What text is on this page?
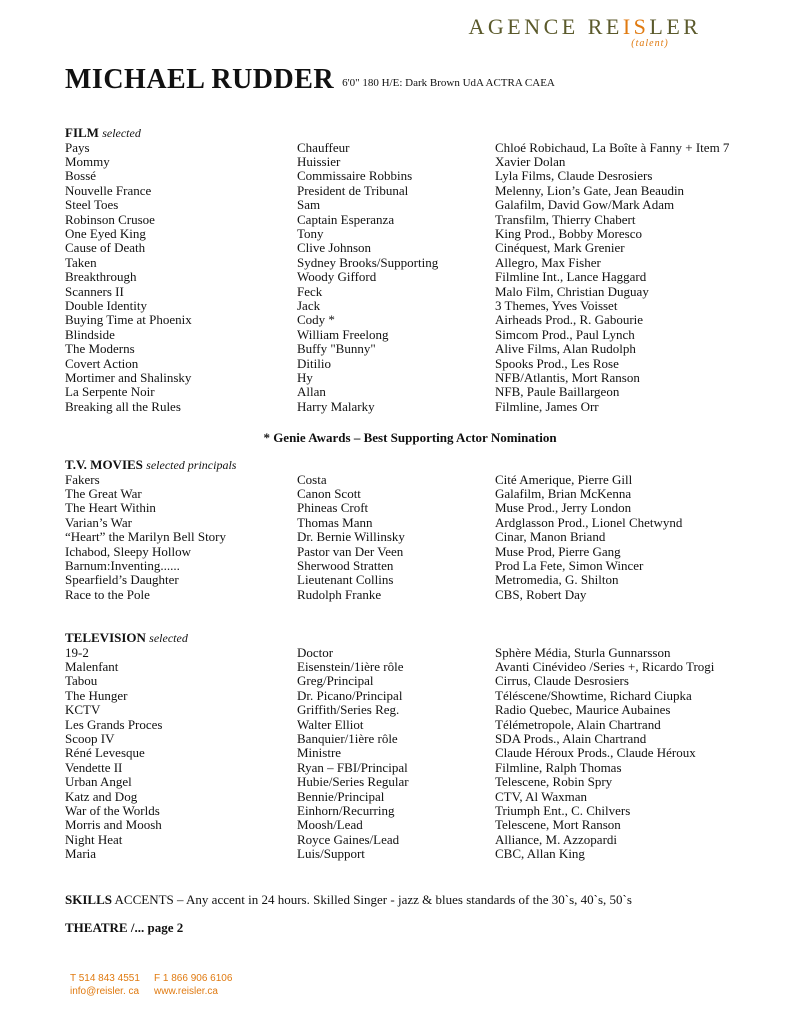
AGENCE REISLER
(talent)
MICHAEL RUDDER 6'0" 180 H/E: Dark Brown UdA ACTRA CAEA
FILM selected
Pays	Chauffeur	Chloé Robichaud, La Boîte à Fanny + Item 7
Mommy	Huissier	Xavier Dolan
Bossé	Commissaire Robbins	Lyla Films, Claude Desrosiers
Nouvelle France	President de Tribunal	Melenny, Lion’s Gate, Jean Beaudin
Steel Toes	Sam	Galafilm, David Gow/Mark Adam
Robinson Crusoe	Captain Esperanza	Transfilm, Thierry Chabert
One Eyed King	Tony	King Prod., Bobby Moresco
Cause of Death	Clive Johnson	Cinéquest, Mark Grenier
Taken	Sydney Brooks/Supporting	Allegro, Max Fisher
Breakthrough	Woody Gifford	Filmline Int., Lance Haggard
Scanners II	Feck	Malo Film, Christian Duguay
Double Identity	Jack	3 Themes, Yves Voisset
Buying Time at Phoenix	Cody *	Airheads Prod., R. Gabourie
Blindside	William Freelong	Simcom Prod., Paul Lynch
The Moderns	Buffy "Bunny"	Alive Films, Alan Rudolph
Covert Action	Ditilio	Spooks Prod., Les Rose
Mortimer and Shalinsky	Hy	NFB/Atlantis, Mort Ranson
La Serpente Noir	Allan	NFB, Paule Baillargeon
Breaking all the Rules	Harry Malarky	Filmline, James Orr
* Genie Awards – Best Supporting Actor Nomination
T.V. MOVIES selected principals
Fakers	Costa	Cité Amerique, Pierre Gill
The Great War	Canon Scott	Galafilm, Brian McKenna
The Heart Within	Phineas Croft	Muse Prod., Jerry London
Varian’s War	Thomas Mann	Ardglasson Prod., Lionel Chetwynd
“Heart” the Marilyn Bell Story	Dr. Bernie Willinsky	Cinar, Manon Briand
Ichabod, Sleepy Hollow	Pastor van Der Veen	Muse Prod, Pierre Gang
Barnum:Inventing......	Sherwood Stratten	Prod La Fete, Simon Wincer
Spearfield’s Daughter	Lieutenant Collins	Metromedia, G. Shilton
Race to the Pole	Rudolph Franke	CBS, Robert Day
TELEVISION selected
19-2	Doctor	Sphère Média, Sturla Gunnarsson
Malenfant	Eisenstein/1ière rôle	Avanti Cinévideo /Series +, Ricardo Trogi
Tabou	Greg/Principal	Cirrus, Claude Desrosiers
The Hunger	Dr. Picano/Principal	Téléscene/Showtime, Richard Ciupka
KCTV	Griffith/Series Reg.	Radio Quebec, Maurice Aubaines
Les Grands Proces	Walter Elliot	Télémetropole, Alain Chartrand
Scoop IV	Banquier/1ière rôle	SDA Prods., Alain Chartrand
Réné Levesque	Ministre	Claude Héroux Prods., Claude Héroux
Vendette II	Ryan – FBI/Principal	Filmline, Ralph Thomas
Urban Angel	Hubie/Series Regular	Telescene, Robin Spry
Katz and Dog	Bennie/Principal	CTV, Al Waxman
War of the Worlds	Einhorn/Recurring	Triumph Ent., C. Chilvers
Morris and Moosh	Moosh/Lead	Telescene, Mort Ranson
Night Heat	Royce Gaines/Lead	Alliance, M. Azzopardi
Maria	Luis/Support	CBC, Allan King
SKILLS ACCENTS – Any accent in 24 hours. Skilled Singer - jazz & blues standards of the 30`s, 40`s, 50`s
THEATRE /... page 2
T 514 843 4551	F 1 866 906 6106
info@reisler. ca	www.reisler.ca
